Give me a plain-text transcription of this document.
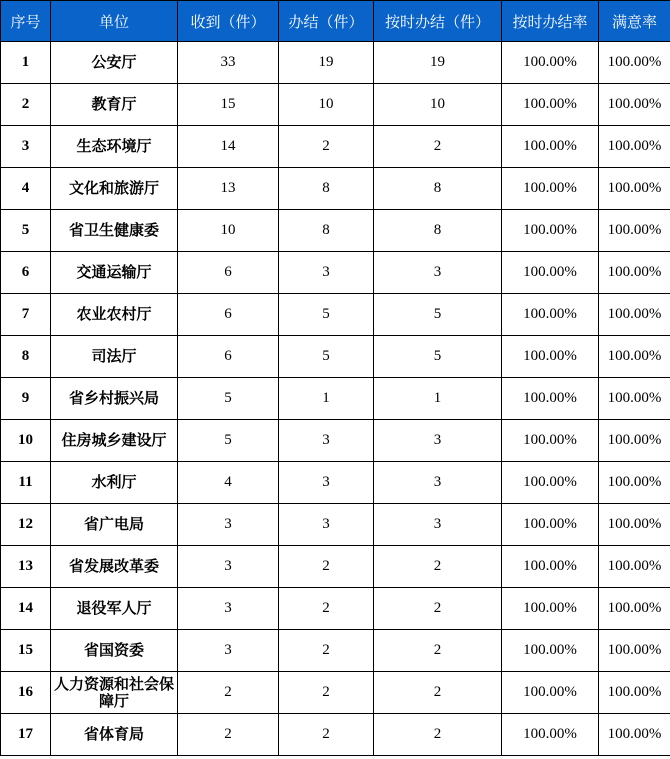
序号	单位	收到（件）	办结（件）	按时办结（件）	按时办结率	满意率
1	公安厅	33	19	19	100.00%	100.00%
2	教育厅	15	10	10	100.00%	100.00%
3	生态环境厅	14	2	2	100.00%	100.00%
4	文化和旅游厅	13	8	8	100.00%	100.00%
5	省卫生健康委	10	8	8	100.00%	100.00%
6	交通运输厅	6	3	3	100.00%	100.00%
7	农业农村厅	6	5	5	100.00%	100.00%
8	司法厅	6	5	5	100.00%	100.00%
9	省乡村振兴局	5	1	1	100.00%	100.00%
10	住房城乡建设厅	5	3	3	100.00%	100.00%
11	水利厅	4	3	3	100.00%	100.00%
12	省广电局	3	3	3	100.00%	100.00%
13	省发展改革委	3	2	2	100.00%	100.00%
14	退役军人厅	3	2	2	100.00%	100.00%
15	省国资委	3	2	2	100.00%	100.00%
16	人力资源和社会保障厅	2	2	2	100.00%	100.00%
17	省体育局	2	2	2	100.00%	100.00%
